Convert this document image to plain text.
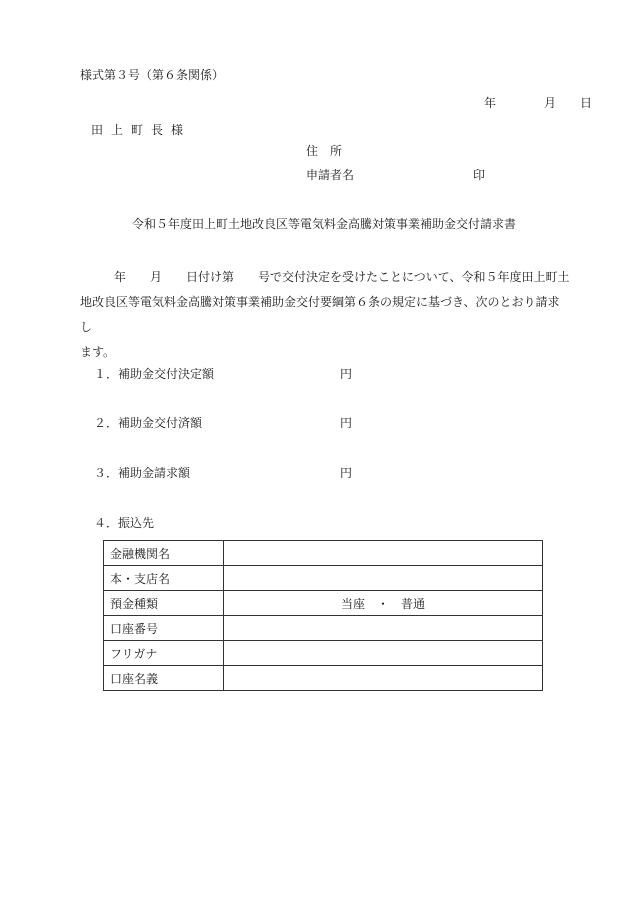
様式第３号（第６条関係）
年	月 日
田上町長様
住　所
申請者名	印
令和５年度田上町土地改良区等電気料金高騰対策事業補助金交付請求書
年　　月　　日付け第　　号で交付決定を受けたことについて、令和５年度田上町土
地改良区等電気料金高騰対策事業補助金交付要綱第６条の規定に基づき、次のとおり請求し
ます。
１．補助金交付決定額	円
２．補助金交付済額	円
３．補助金請求額	円
４．振込先
金融機関名	
本・支店名	
預金種類	当座　・　普通
口座番号	
フリガナ	
口座名義	
